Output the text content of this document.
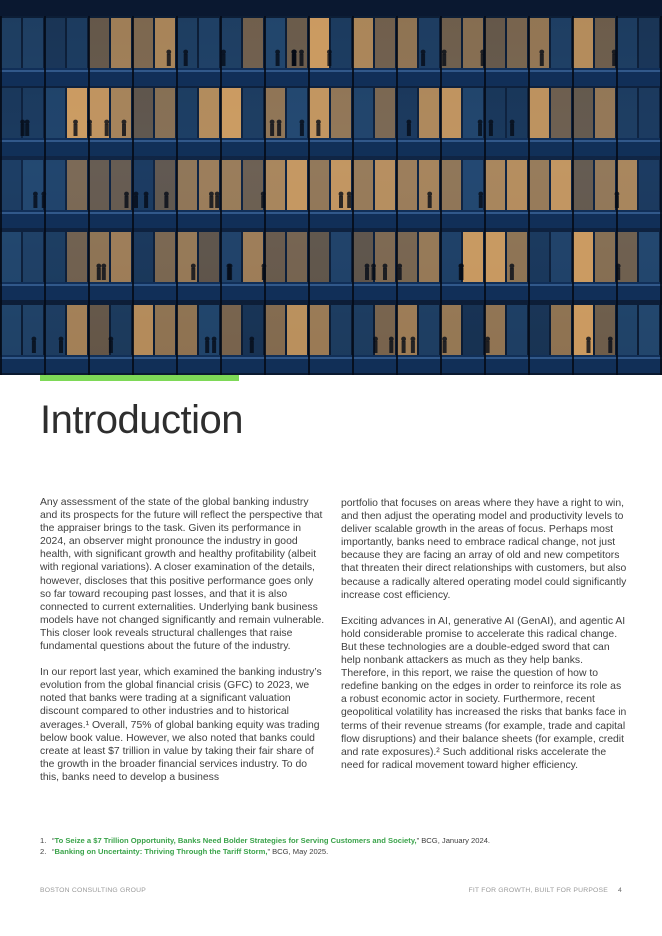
Introduction

Any assessment of the state of the global banking industry and its prospects for the future will reflect the perspective that the appraiser brings to the task. Given its performance in 2024, an observer might pronounce the industry in good health, with significant growth and healthy profitability (albeit with regional variations). A closer examination of the details, however, discloses that this positive performance goes only so far toward recouping past losses, and that it is also connected to current externalities. Underlying bank business models have not changed significantly and remain vulnerable. This closer look reveals structural challenges that raise fundamental questions about the future of the industry.

In our report last year, which examined the banking industry’s evolution from the global financial crisis (GFC) to 2023, we noted that banks were trading at a significant valuation discount compared to other industries and to historical averages.¹ Overall, 75% of global banking equity was trading below book value. However, we also noted that banks could create at least $7 trillion in value by taking their fair share of the growth in the broader financial services industry. To do this, banks need to develop a business

portfolio that focuses on areas where they have a right to win, and then adjust the operating model and productivity levels to deliver scalable growth in the areas of focus. Perhaps most importantly, banks need to embrace radical change, not just because they are facing an array of old and new competitors that threaten their direct relationships with customers, but also because a radically altered operating model could significantly increase cost efficiency.

Exciting advances in AI, generative AI (GenAI), and agentic AI hold considerable promise to accelerate this radical change. But these technologies are a double-edged sword that can help nonbank attackers as much as they help banks. Therefore, in this report, we raise the question of how to redefine banking on the edges in order to reinforce its role as a robust economic actor in society. Furthermore, recent geopolitical volatility has increased the risks that banks face in terms of their revenue streams (for example, trade and capital flow disruptions) and their balance sheets (for example, credit and rate exposures).² Such additional risks accelerate the need for radical movement toward higher efficiency.

1. “To Seize a $7 Trillion Opportunity, Banks Need Bolder Strategies for Serving Customers and Society,” BCG, January 2024.
2. “Banking on Uncertainty: Thriving Through the Tariff Storm,” BCG, May 2025.
BOSTON CONSULTING GROUP	FIT FOR GROWTH, BUILT FOR PURPOSE 4
